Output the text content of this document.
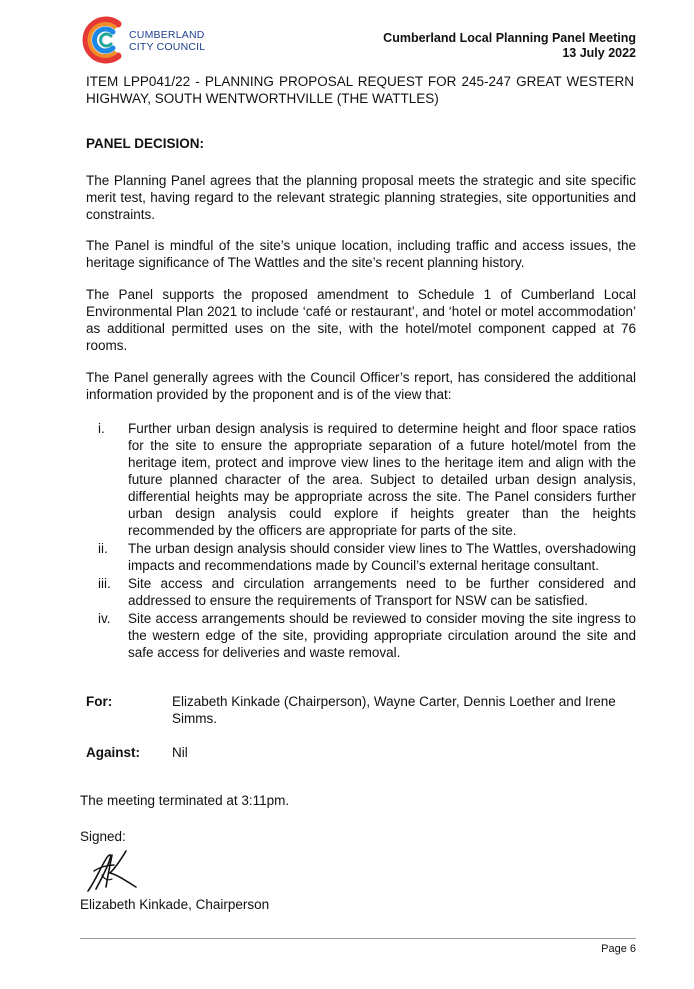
CUMBERLAND
CITY COUNCIL
Cumberland Local Planning Panel Meeting
13 July 2022
ITEM LPP041/22 - PLANNING PROPOSAL REQUEST FOR 245-247 GREAT WESTERN HIGHWAY, SOUTH WENTWORTHVILLE (THE WATTLES)
PANEL DECISION:

The Planning Panel agrees that the planning proposal meets the strategic and site specific merit test, having regard to the relevant strategic planning strategies, site opportunities and constraints.

The Panel is mindful of the site’s unique location, including traffic and access issues, the heritage significance of The Wattles and the site’s recent planning history.

The Panel supports the proposed amendment to Schedule 1 of Cumberland Local Environmental Plan 2021 to include ‘café or restaurant’, and ‘hotel or motel accommodation’ as additional permitted uses on the site, with the hotel/motel component capped at 76 rooms.

The Panel generally agrees with the Council Officer’s report, has considered the additional information provided by the proponent and is of the view that:

i.	Further urban design analysis is required to determine height and floor space ratios for the site to ensure the appropriate separation of a future hotel/motel from the heritage item, protect and improve view lines to the heritage item and align with the future planned character of the area. Subject to detailed urban design analysis, differential heights may be appropriate across the site. The Panel considers further urban design analysis could explore if heights greater than the heights recommended by the officers are appropriate for parts of the site.
ii.	The urban design analysis should consider view lines to The Wattles, overshadowing impacts and recommendations made by Council’s external heritage consultant.
iii.	Site access and circulation arrangements need to be further considered and addressed to ensure the requirements of Transport for NSW can be satisfied.
iv.	Site access arrangements should be reviewed to consider moving the site ingress to the western edge of the site, providing appropriate circulation around the site and safe access for deliveries and waste removal.
For:	Elizabeth Kinkade (Chairperson), Wayne Carter, Dennis Loether and Irene Simms.
Against: Nil
The meeting terminated at 3:11pm.
Signed:
Elizabeth Kinkade, Chairperson
Page 6
